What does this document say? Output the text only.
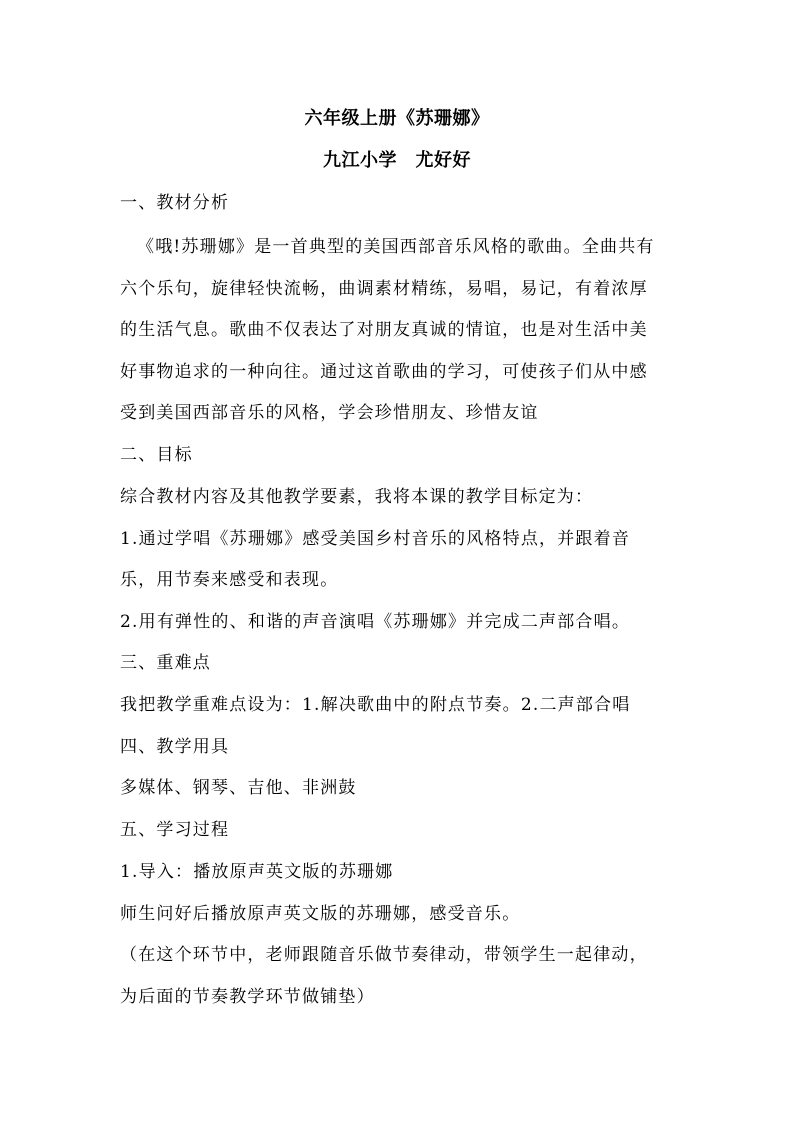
六年级上册《苏珊娜》
九江小学　尤好好
一、教材分析
《哦!苏珊娜》是一首典型的美国西部音乐风格的歌曲。全曲共有
六个乐句，旋律轻快流畅，曲调素材精练，易唱，易记，有着浓厚
的生活气息。歌曲不仅表达了对朋友真诚的情谊，也是对生活中美
好事物追求的一种向往。通过这首歌曲的学习，可使孩子们从中感
受到美国西部音乐的风格，学会珍惜朋友、珍惜友谊
二、目标
综合教材内容及其他教学要素，我将本课的教学目标定为：
1.通过学唱《苏珊娜》感受美国乡村音乐的风格特点，并跟着音
乐，用节奏来感受和表现。
2.用有弹性的、和谐的声音演唱《苏珊娜》并完成二声部合唱。
三、重难点
我把教学重难点设为：1.解决歌曲中的附点节奏。2.二声部合唱
四、教学用具
多媒体、钢琴、吉他、非洲鼓
五、学习过程
1.导入：播放原声英文版的苏珊娜
师生问好后播放原声英文版的苏珊娜，感受音乐。
（在这个环节中，老师跟随音乐做节奏律动，带领学生一起律动，
为后面的节奏教学环节做铺垫）
